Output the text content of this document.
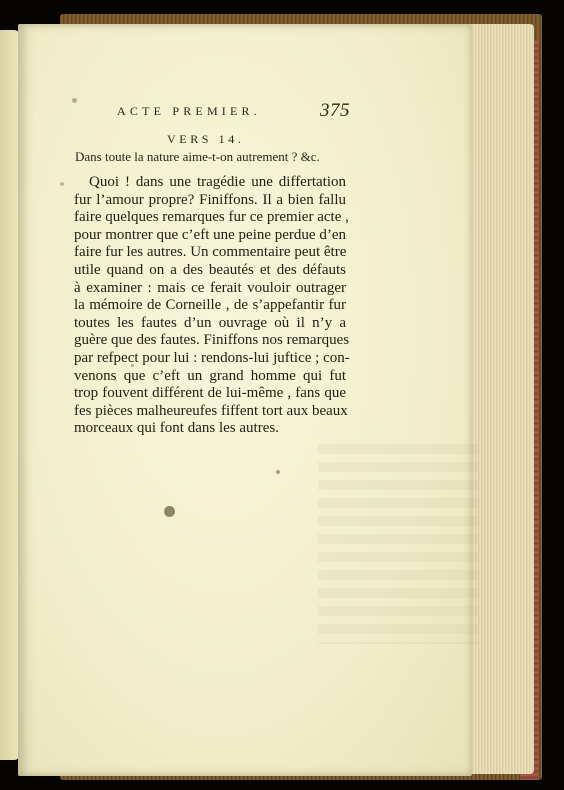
ACTE PREMIER.	375
VERS 14.
Dans toute la nature aime-t-on autrement ? &c.
Quoi ! dans une tragédie une differtation
fur l’amour propre? Finiffons. Il a bien fallu
faire quelques remarques fur ce premier acte ,
pour montrer que c’eft une peine perdue d’en
faire fur les autres. Un commentaire peut être
utile quand on a des beautés et des défauts
à examiner : mais ce ferait vouloir outrager
la mémoire de Corneille , de s’appefantir fur
toutes les fautes d’un ouvrage où il n’y a
guère que des fautes. Finiffons nos remarques
par refpect pour lui : rendons-lui juftice ; con-
venons que c’eft un grand homme qui fut
trop fouvent différent de lui-même , fans que
fes pièces malheureufes fiffent tort aux beaux
morceaux qui font dans les autres.
